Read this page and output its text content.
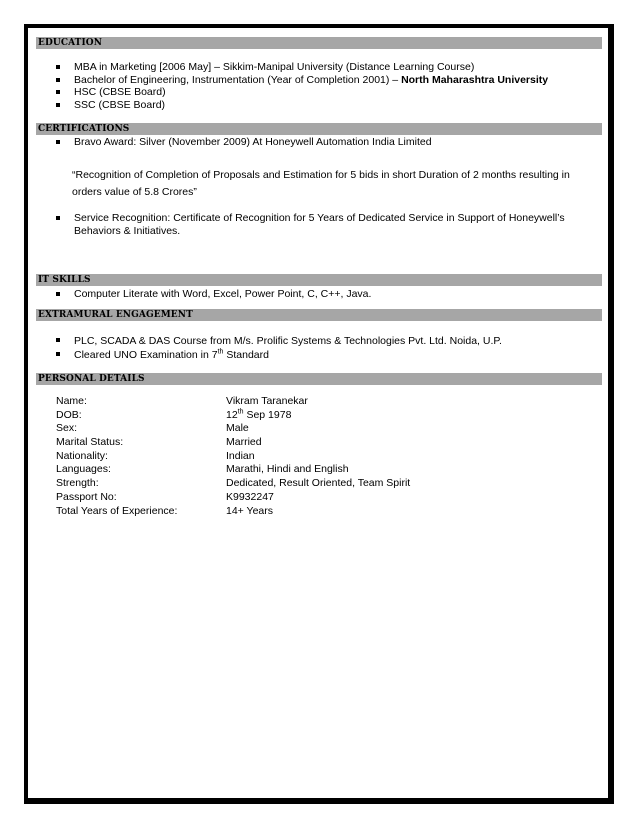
EDUCATION
MBA in Marketing [2006 May] – Sikkim-Manipal University (Distance Learning Course)
Bachelor of Engineering, Instrumentation (Year of Completion 2001) – North Maharashtra University
HSC (CBSE Board)
SSC (CBSE Board)
CERTIFICATIONS
Bravo Award: Silver (November 2009) At Honeywell Automation India Limited
“Recognition of Completion of Proposals and Estimation for 5 bids in short Duration of 2 months resulting in orders value of 5.8 Crores”
Service Recognition: Certificate of Recognition for 5 Years of Dedicated Service in Support of Honeywell’s Behaviors & Initiatives.
IT SKILLS
Computer Literate with Word, Excel, Power Point, C, C++, Java.
EXTRAMURAL ENGAGEMENT
PLC, SCADA & DAS Course from M/s. Prolific Systems & Technologies Pvt. Ltd. Noida, U.P.
Cleared UNO Examination in 7th Standard
PERSONAL DETAILS
Name:	Vikram Taranekar
DOB:	12th Sep 1978
Sex:	Male
Marital Status:	Married
Nationality:	Indian
Languages:	Marathi, Hindi and English
Strength:	Dedicated, Result Oriented, Team Spirit
Passport No:	K9932247
Total Years of Experience:	14+ Years
